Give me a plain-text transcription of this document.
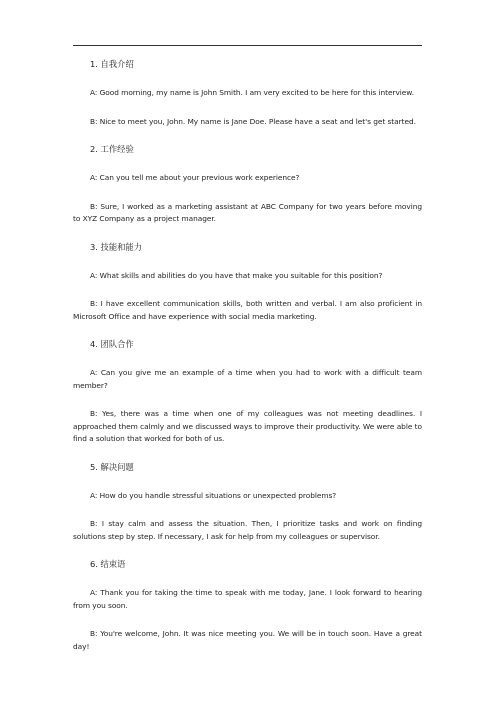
1. 自我介绍

A: Good morning, my name is John Smith. I am very excited to be here for this interview.

B: Nice to meet you, John. My name is Jane Doe. Please have a seat and let's get started.

2. 工作经验

A: Can you tell me about your previous work experience?

B: Sure, I worked as a marketing assistant at ABC Company for two years before moving to XYZ Company as a project manager.

3. 技能和能力

A: What skills and abilities do you have that make you suitable for this position?

B: I have excellent communication skills, both written and verbal. I am also proficient in Microsoft Office and have experience with social media marketing.

4. 团队合作

A: Can you give me an example of a time when you had to work with a difficult team member?

B: Yes, there was a time when one of my colleagues was not meeting deadlines. I approached them calmly and we discussed ways to improve their productivity. We were able to find a solution that worked for both of us.

5. 解决问题

A: How do you handle stressful situations or unexpected problems?

B: I stay calm and assess the situation. Then, I prioritize tasks and work on finding solutions step by step. If necessary, I ask for help from my colleagues or supervisor.

6. 结束语

A: Thank you for taking the time to speak with me today, Jane. I look forward to hearing from you soon.

B: You're welcome, John. It was nice meeting you. We will be in touch soon. Have a great day!
